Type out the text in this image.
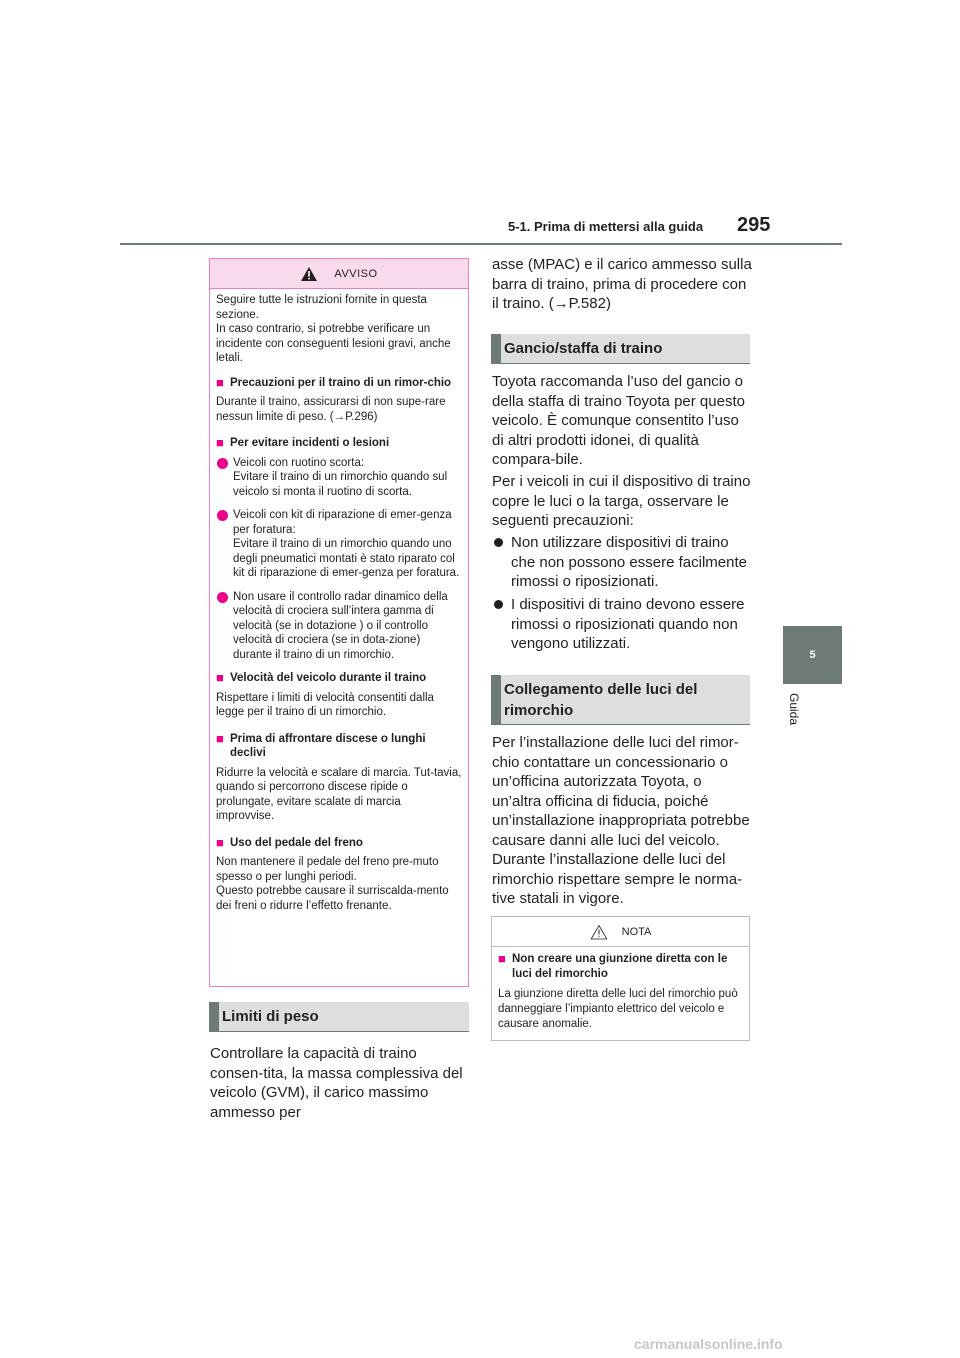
295
5-1. Prima di mettersi alla guida
5
Guida
AVVISO

Seguire tutte le istruzioni fornite in questa sezione.
In caso contrario, si potrebbe verificare un incidente con conseguenti lesioni gravi, anche letali.

■ Precauzioni per il traino di un rimor-chio

Durante il traino, assicurarsi di non supe-rare nessun limite di peso. (→P.296)

■ Per evitare incidenti o lesioni
Veicoli con ruotino scorta:
Evitare il traino di un rimorchio quando sul veicolo si monta il ruotino di scorta.
Veicoli con kit di riparazione di emer-genza per foratura:
Evitare il traino di un rimorchio quando uno degli pneumatici montati è stato riparato col kit di riparazione di emer-genza per foratura.
Non usare il controllo radar dinamico della velocità di crociera sull’intera gamma di velocità (se in dotazione ) o il controllo velocità di crociera (se in dota-zione) durante il traino di un rimorchio.
■ Velocità del veicolo durante il traino

Rispettare i limiti di velocità consentiti dalla legge per il traino di un rimorchio.

■ Prima di affrontare discese o lunghi declivi

Ridurre la velocità e scalare di marcia. Tut-tavia, quando si percorrono discese ripide o prolungate, evitare scalate di marcia improvvise.

■ Uso del pedale del freno

Non mantenere il pedale del freno pre-muto spesso o per lunghi periodi.
Questo potrebbe causare il surriscalda-mento dei freni o ridurre l’effetto frenante.

Limiti di peso
Controllare la capacità di traino consen-tita, la massa complessiva del veicolo (GVM), il carico massimo ammesso per
asse (MPAC) e il carico ammesso sulla barra di traino, prima di procedere con il traino. (→P.582)
Gancio/staffa di traino
Toyota raccomanda l’uso del gancio o della staffa di traino Toyota per questo veicolo. È comunque consentito l’uso di altri prodotti idonei, di qualità compara-bile.
Per i veicoli in cui il dispositivo di traino copre le luci o la targa, osservare le seguenti precauzioni:
Non utilizzare dispositivi di traino che non possono essere facilmente rimossi o riposizionati.
I dispositivi di traino devono essere rimossi o riposizionati quando non vengono utilizzati.
Collegamento delle luci del rimorchio
Per l’installazione delle luci del rimor-chio contattare un concessionario o un’officina autorizzata Toyota, o un’altra officina di fiducia, poiché un’installazione inappropriata potrebbe causare danni alle luci del veicolo. Durante l’installazione delle luci del rimorchio rispettare sempre le norma-tive statali in vigore.
NOTA
■ Non creare una giunzione diretta con le luci del rimorchio

La giunzione diretta delle luci del rimorchio può danneggiare l’impianto elettrico del veicolo e causare anomalie.

carmanualsonline.info
